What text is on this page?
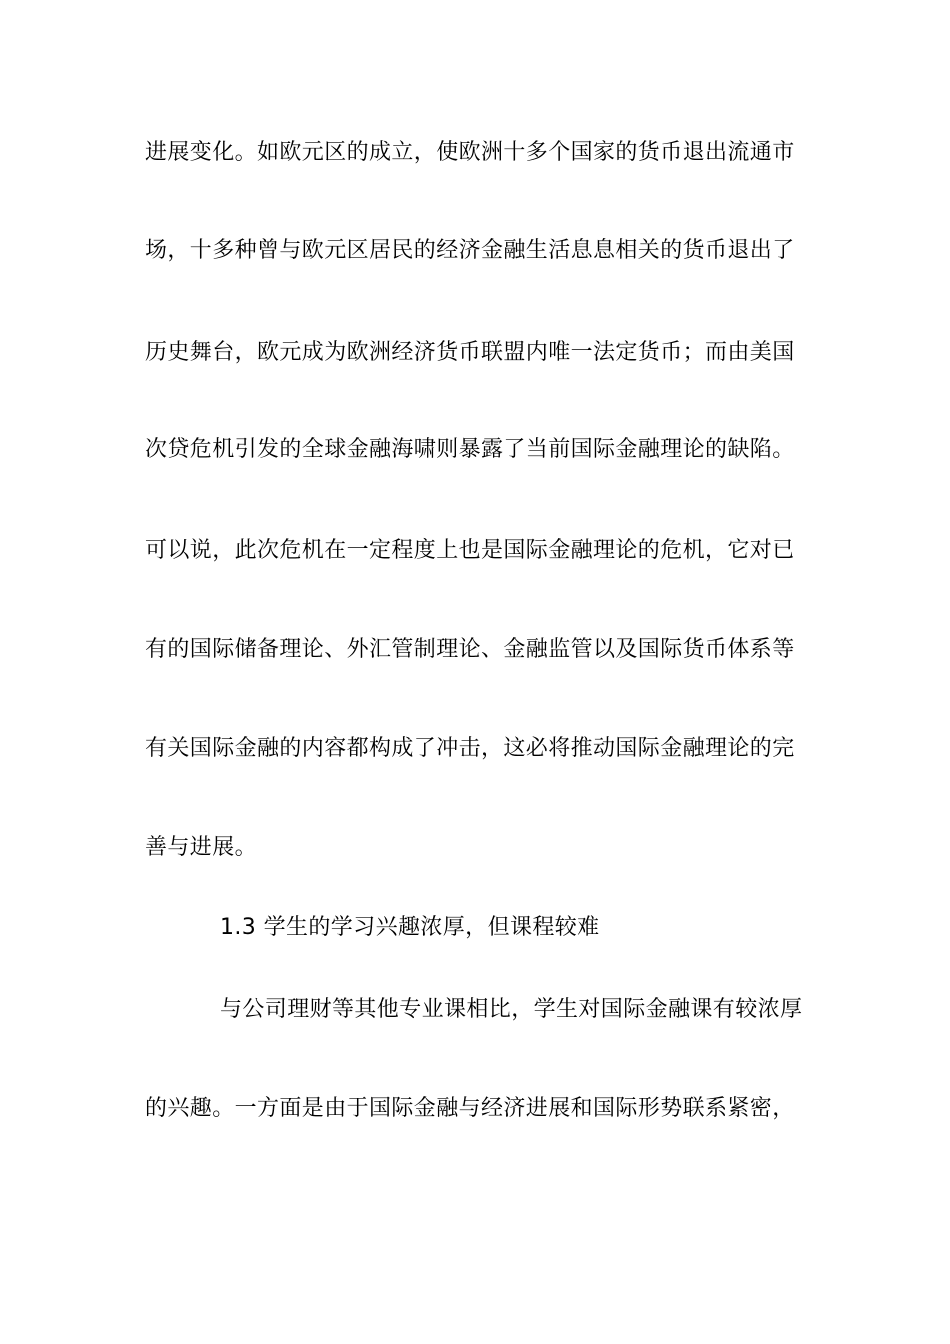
进展变化。如欧元区的成立，使欧洲十多个国家的货币退出流通市
场，十多种曾与欧元区居民的经济金融生活息息相关的货币退出了
历史舞台，欧元成为欧洲经济货币联盟内唯一法定货币；而由美国
次贷危机引发的全球金融海啸则暴露了当前国际金融理论的缺陷。
可以说，此次危机在一定程度上也是国际金融理论的危机，它对已
有的国际储备理论、外汇管制理论、金融监管以及国际货币体系等
有关国际金融的内容都构成了冲击，这必将推动国际金融理论的完
善与进展。
1.3 学生的学习兴趣浓厚，但课程较难
与公司理财等其他专业课相比，学生对国际金融课有较浓厚
的兴趣。一方面是由于国际金融与经济进展和国际形势联系紧密，
